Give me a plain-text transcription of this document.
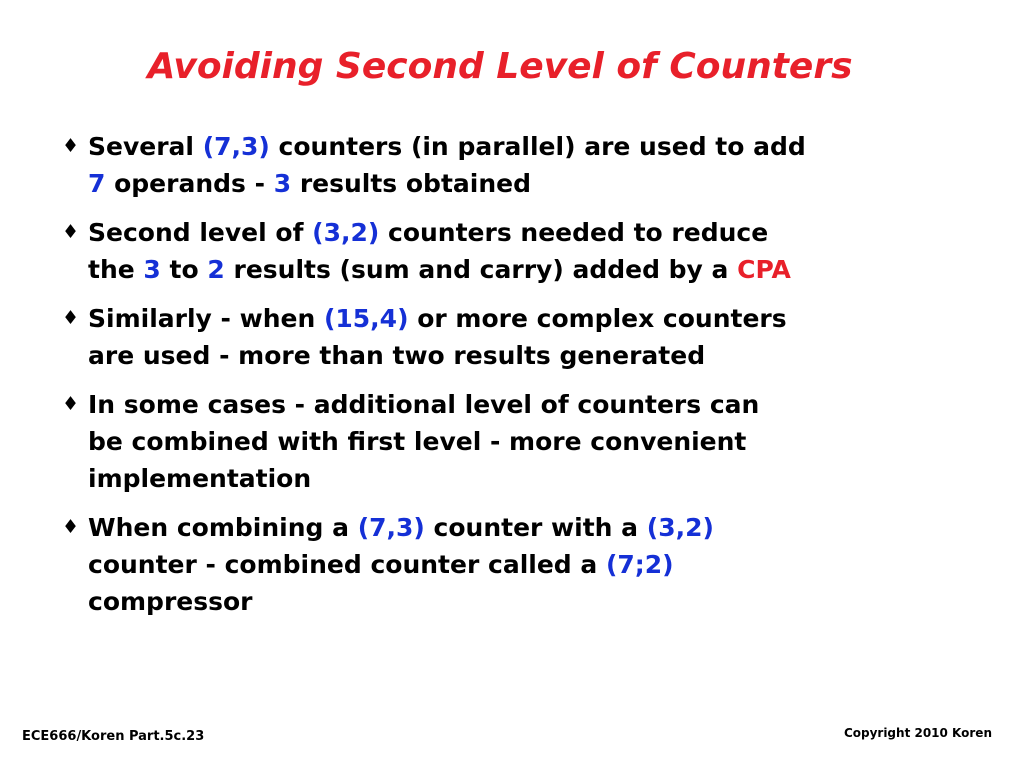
Avoiding Second Level of Counters
♦ Several (7,3) counters (in parallel) are used to add
7 operands - 3 results obtained
♦ Second level of (3,2) counters needed to reduce
the 3 to 2 results (sum and carry) added by a CPA
♦ Similarly - when (15,4) or more complex counters
are used - more than two results generated
♦ In some cases - additional level of counters can
be combined with first level - more convenient
implementation
♦ When combining a (7,3) counter with a (3,2)
counter - combined counter called a (7;2)
compressor
ECE666/Koren Part.5c.23	Copyright 2010 Koren
